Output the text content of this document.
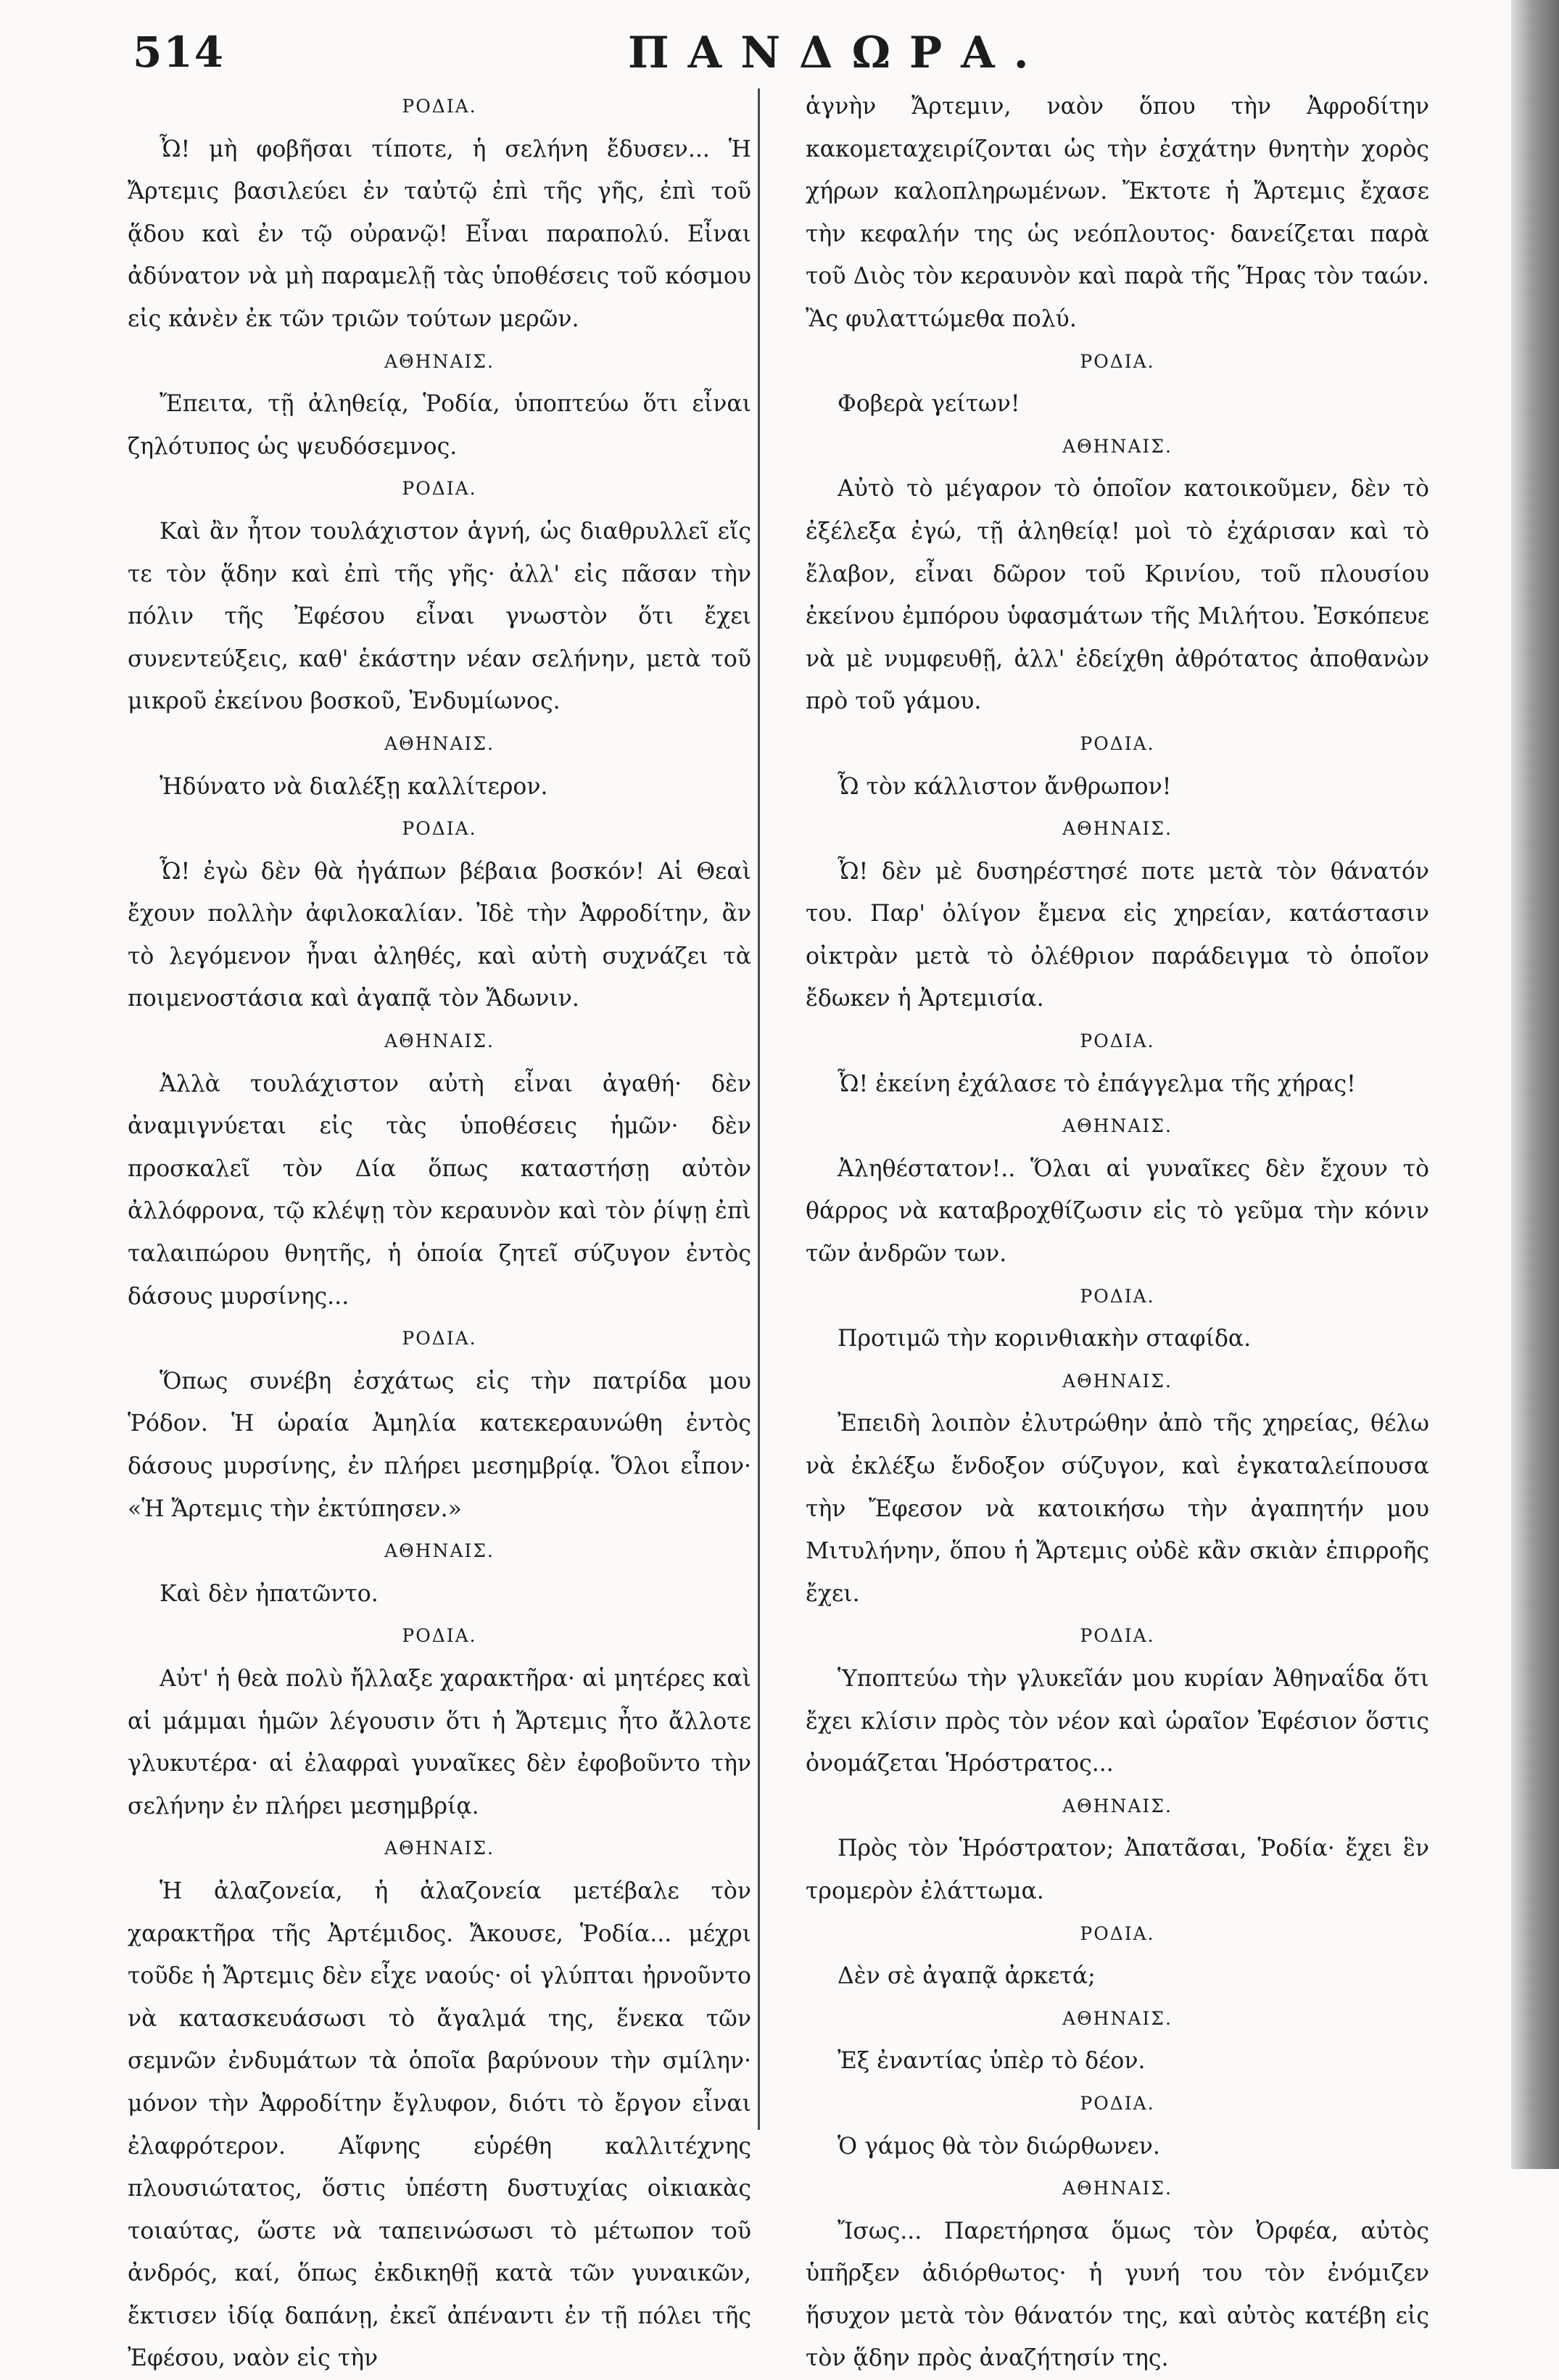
514	ΠΑΝΔΩΡΑ.
ΡΟΔΙΑ.
Ὦ! μὴ φοβῆσαι τίποτε, ἡ σελήνη ἔδυσεν... Ἡ Ἄρτεμις βασιλεύει ἐν ταὐτῷ ἐπὶ τῆς γῆς, ἐπὶ τοῦ ᾅδου καὶ ἐν τῷ οὐρανῷ! Εἶναι παραπολύ. Εἶναι ἀδύνατον νὰ μὴ παραμελῇ τὰς ὑποθέσεις τοῦ κόσμου εἰς κἀνὲν ἐκ τῶν τριῶν τούτων μερῶν.
ΑΘΗΝΑΙΣ.
Ἔπειτα, τῇ ἀληθείᾳ, Ῥοδία, ὑποπτεύω ὅτι εἶναι ζηλότυπος ὡς ψευδόσεμνος.
ΡΟΔΙΑ.
Καὶ ἂν ἦτον τουλάχιστον ἁγνή, ὡς διαθρυλλεῖ εἴς τε τὸν ᾅδην καὶ ἐπὶ τῆς γῆς· ἀλλ' εἰς πᾶσαν τὴν πόλιν τῆς Ἐφέσου εἶναι γνωστὸν ὅτι ἔχει συνεντεύξεις, καθ' ἑκάστην νέαν σελήνην, μετὰ τοῦ μικροῦ ἐκείνου βοσκοῦ, Ἐνδυμίωνος.
ΑΘΗΝΑΙΣ.
Ἠδύνατο νὰ διαλέξῃ καλλίτερον.
ΡΟΔΙΑ.
Ὦ! ἐγὼ δὲν θὰ ἠγάπων βέβαια βοσκόν! Αἱ Θεαὶ ἔχουν πολλὴν ἀφιλοκαλίαν. Ἰδὲ τὴν Ἀφροδίτην, ἂν τὸ λεγόμενον ἦναι ἀληθές, καὶ αὐτὴ συχνάζει τὰ ποιμενοστάσια καὶ ἀγαπᾷ τὸν Ἄδωνιν.
ΑΘΗΝΑΙΣ.
Ἀλλὰ τουλάχιστον αὐτὴ εἶναι ἀγαθή· δὲν ἀναμιγνύεται εἰς τὰς ὑποθέσεις ἡμῶν· δὲν προσκαλεῖ τὸν Δία ὅπως καταστήσῃ αὐτὸν ἀλλόφρονα, τῷ κλέψῃ τὸν κεραυνὸν καὶ τὸν ῥίψῃ ἐπὶ ταλαιπώρου θνητῆς, ἡ ὁποία ζητεῖ σύζυγον ἐντὸς δάσους μυρσίνης...
ΡΟΔΙΑ.
Ὅπως συνέβη ἐσχάτως εἰς τὴν πατρίδα μου Ῥόδον. Ἡ ὡραία Ἀμηλία κατεκεραυνώθη ἐντὸς δάσους μυρσίνης, ἐν πλήρει μεσημβρίᾳ. Ὅλοι εἶπον· «Ἡ Ἄρτεμις τὴν ἐκτύπησεν.»
ΑΘΗΝΑΙΣ.
Καὶ δὲν ἠπατῶντο.
ΡΟΔΙΑ.
Αὐτ' ἡ θεὰ πολὺ ἤλλαξε χαρακτῆρα· αἱ μητέρες καὶ αἱ μάμμαι ἡμῶν λέγουσιν ὅτι ἡ Ἄρτεμις ἦτο ἄλλοτε γλυκυτέρα· αἱ ἐλαφραὶ γυναῖκες δὲν ἐφοβοῦντο τὴν σελήνην ἐν πλήρει μεσημβρίᾳ.
ΑΘΗΝΑΙΣ.
Ἡ ἀλαζονεία, ἡ ἀλαζονεία μετέβαλε τὸν χαρακτῆρα τῆς Ἀρτέμιδος. Ἄκουσε, Ῥοδία... μέχρι τοῦδε ἡ Ἄρτεμις δὲν εἶχε ναούς· οἱ γλύπται ἠρνοῦντο νὰ κατασκευάσωσι τὸ ἄγαλμά της, ἕνεκα τῶν σεμνῶν ἐνδυμάτων τὰ ὁποῖα βαρύνουν τὴν σμίλην· μόνον τὴν Ἀφροδίτην ἔγλυφον, διότι τὸ ἔργον εἶναι ἐλαφρότερον. Αἴφνης εὑρέθη καλλιτέχνης πλουσιώτατος, ὅστις ὑπέστη δυστυχίας οἰκιακὰς τοιαύτας, ὥστε νὰ ταπεινώσωσι τὸ μέτωπον τοῦ ἀνδρός, καί, ὅπως ἐκδικηθῇ κατὰ τῶν γυναικῶν, ἔκτισεν ἰδίᾳ δαπάνῃ, ἐκεῖ ἀπέναντι ἐν τῇ πόλει τῆς Ἐφέσου, ναὸν εἰς τὴν
ἁγνὴν Ἄρτεμιν, ναὸν ὅπου τὴν Ἀφροδίτην κακομεταχειρίζονται ὡς τὴν ἐσχάτην θνητὴν χορὸς χήρων καλοπληρωμένων. Ἔκτοτε ἡ Ἄρτεμις ἔχασε τὴν κεφαλήν της ὡς νεόπλουτος· δανείζεται παρὰ τοῦ Διὸς τὸν κεραυνὸν καὶ παρὰ τῆς Ἥρας τὸν ταών. Ἂς φυλαττώμεθα πολύ.
ΡΟΔΙΑ.
Φοβερὰ γείτων!
ΑΘΗΝΑΙΣ.
Αὐτὸ τὸ μέγαρον τὸ ὁποῖον κατοικοῦμεν, δὲν τὸ ἐξέλεξα ἐγώ, τῇ ἀληθείᾳ! μοὶ τὸ ἐχάρισαν καὶ τὸ ἔλαβον, εἶναι δῶρον τοῦ Κρινίου, τοῦ πλουσίου ἐκείνου ἐμπόρου ὑφασμάτων τῆς Μιλήτου. Ἐσκόπευε νὰ μὲ νυμφευθῇ, ἀλλ' ἐδείχθη ἀθρότατος ἀποθανὼν πρὸ τοῦ γάμου.
ΡΟΔΙΑ.
Ὦ τὸν κάλλιστον ἄνθρωπον!
ΑΘΗΝΑΙΣ.
Ὦ! δὲν μὲ δυσηρέστησέ ποτε μετὰ τὸν θάνατόν του. Παρ' ὀλίγον ἔμενα εἰς χηρείαν, κατάστασιν οἰκτρὰν μετὰ τὸ ὀλέθριον παράδειγμα τὸ ὁποῖον ἔδωκεν ἡ Ἀρτεμισία.
ΡΟΔΙΑ.
Ὦ! ἐκείνη ἐχάλασε τὸ ἐπάγγελμα τῆς χήρας!
ΑΘΗΝΑΙΣ.
Ἀληθέστατον!.. Ὅλαι αἱ γυναῖκες δὲν ἔχουν τὸ θάρρος νὰ καταβροχθίζωσιν εἰς τὸ γεῦμα τὴν κόνιν τῶν ἀνδρῶν των.
ΡΟΔΙΑ.
Προτιμῶ τὴν κορινθιακὴν σταφίδα.
ΑΘΗΝΑΙΣ.
Ἐπειδὴ λοιπὸν ἐλυτρώθην ἀπὸ τῆς χηρείας, θέλω νὰ ἐκλέξω ἔνδοξον σύζυγον, καὶ ἐγκαταλείπουσα τὴν Ἔφεσον νὰ κατοικήσω τὴν ἀγαπητήν μου Μιτυλήνην, ὅπου ἡ Ἄρτεμις οὐδὲ κἂν σκιὰν ἐπιρροῆς ἔχει.
ΡΟΔΙΑ.
Ὑποπτεύω τὴν γλυκεῖάν μου κυρίαν Ἀθηναΐδα ὅτι ἔχει κλίσιν πρὸς τὸν νέον καὶ ὡραῖον Ἐφέσιον ὅστις ὀνομάζεται Ἡρόστρατος...
ΑΘΗΝΑΙΣ.
Πρὸς τὸν Ἡρόστρατον; Ἀπατᾶσαι, Ῥοδία· ἔχει ἓν τρομερὸν ἐλάττωμα.
ΡΟΔΙΑ.
Δὲν σὲ ἀγαπᾷ ἀρκετά;
ΑΘΗΝΑΙΣ.
Ἐξ ἐναντίας ὑπὲρ τὸ δέον.
ΡΟΔΙΑ.
Ὁ γάμος θὰ τὸν διώρθωνεν.
ΑΘΗΝΑΙΣ.
Ἴσως... Παρετήρησα ὅμως τὸν Ὀρφέα, αὐτὸς ὑπῆρξεν ἀδιόρθωτος· ἡ γυνή του τὸν ἐνόμιζεν ἥσυχον μετὰ τὸν θάνατόν της, καὶ αὐτὸς κατέβη εἰς τὸν ᾅδην πρὸς ἀναζήτησίν της.
